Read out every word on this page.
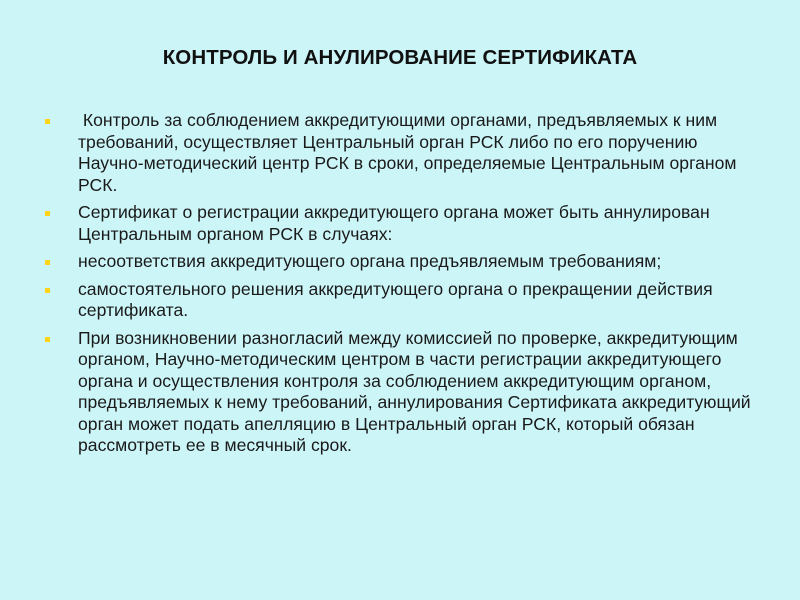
КОНТРОЛЬ И АНУЛИРОВАНИЕ СЕРТИФИКАТА
Контроль за соблюдением аккредитующими органами, предъявляемых к ним требований, осуществляет Центральный орган РСК либо по его поручению Научно-методический центр РСК в сроки, определяемые Центральным органом РСК.
Сертификат о регистрации аккредитующего органа может быть аннулирован Центральным органом РСК в случаях:
несоответствия аккредитующего органа предъявляемым требованиям;
самостоятельного решения аккредитующего органа о прекращении действия сертификата.
При возникновении разногласий между комиссией по проверке, аккредитующим органом, Научно-методическим центром в части регистрации аккредитующего органа и осуществления контроля за соблюдением аккредитующим органом, предъявляемых к нему требований, аннулирования Сертификата аккредитующий орган может подать апелляцию в Центральный орган РСК, который обязан рассмотреть ее в месячный срок.
